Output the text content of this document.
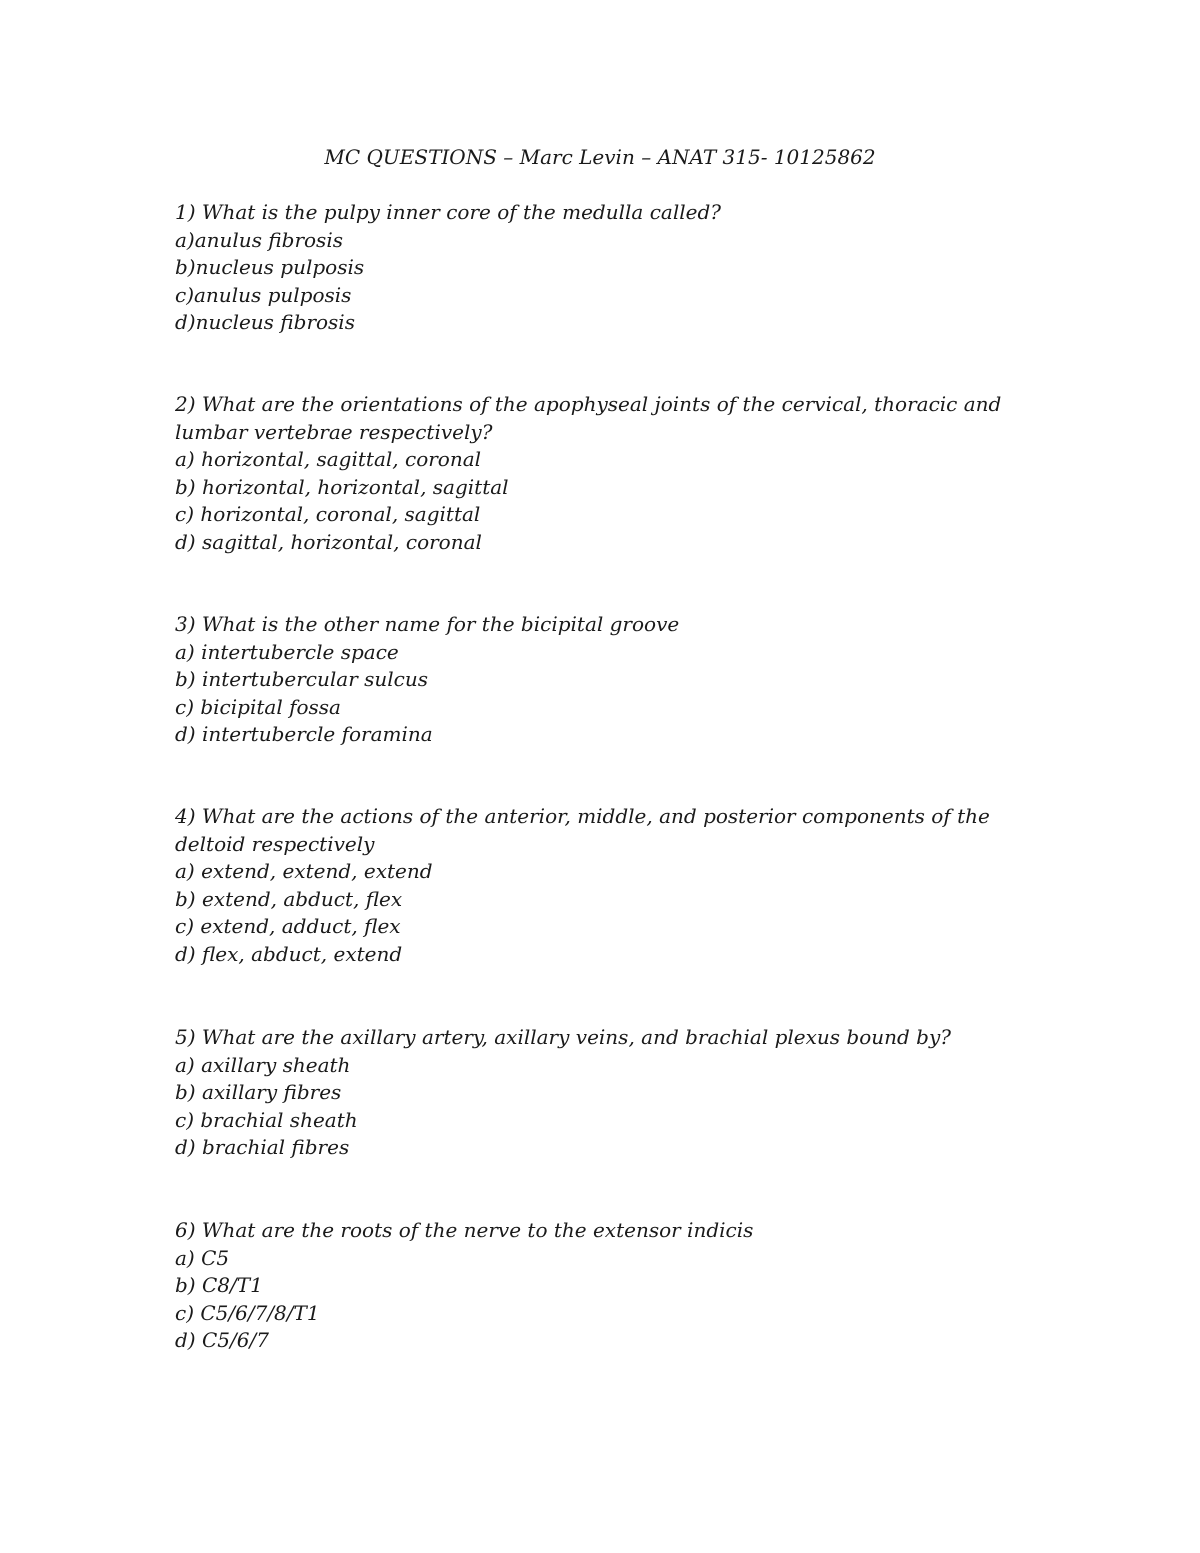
MC QUESTIONS – Marc Levin – ANAT 315- 10125862
1) What is the pulpy inner core of the medulla called?
a)anulus fibrosis
b)nucleus pulposis
c)anulus pulposis
d)nucleus fibrosis
2) What are the orientations of the apophyseal joints of the cervical, thoracic and
lumbar vertebrae respectively?
a) horizontal, sagittal, coronal
b) horizontal, horizontal, sagittal
c) horizontal, coronal, sagittal
d) sagittal, horizontal, coronal
3) What is the other name for the bicipital groove
a) intertubercle space
b) intertubercular sulcus
c) bicipital fossa
d) intertubercle foramina
4) What are the actions of the anterior, middle, and posterior components of the
deltoid respectively
a) extend, extend, extend
b) extend, abduct, flex
c) extend, adduct, flex
d) flex, abduct, extend
5) What are the axillary artery, axillary veins, and brachial plexus bound by?
a) axillary sheath
b) axillary fibres
c) brachial sheath
d) brachial fibres
6) What are the roots of the nerve to the extensor indicis
a) C5
b) C8/T1
c) C5/6/7/8/T1
d) C5/6/7
